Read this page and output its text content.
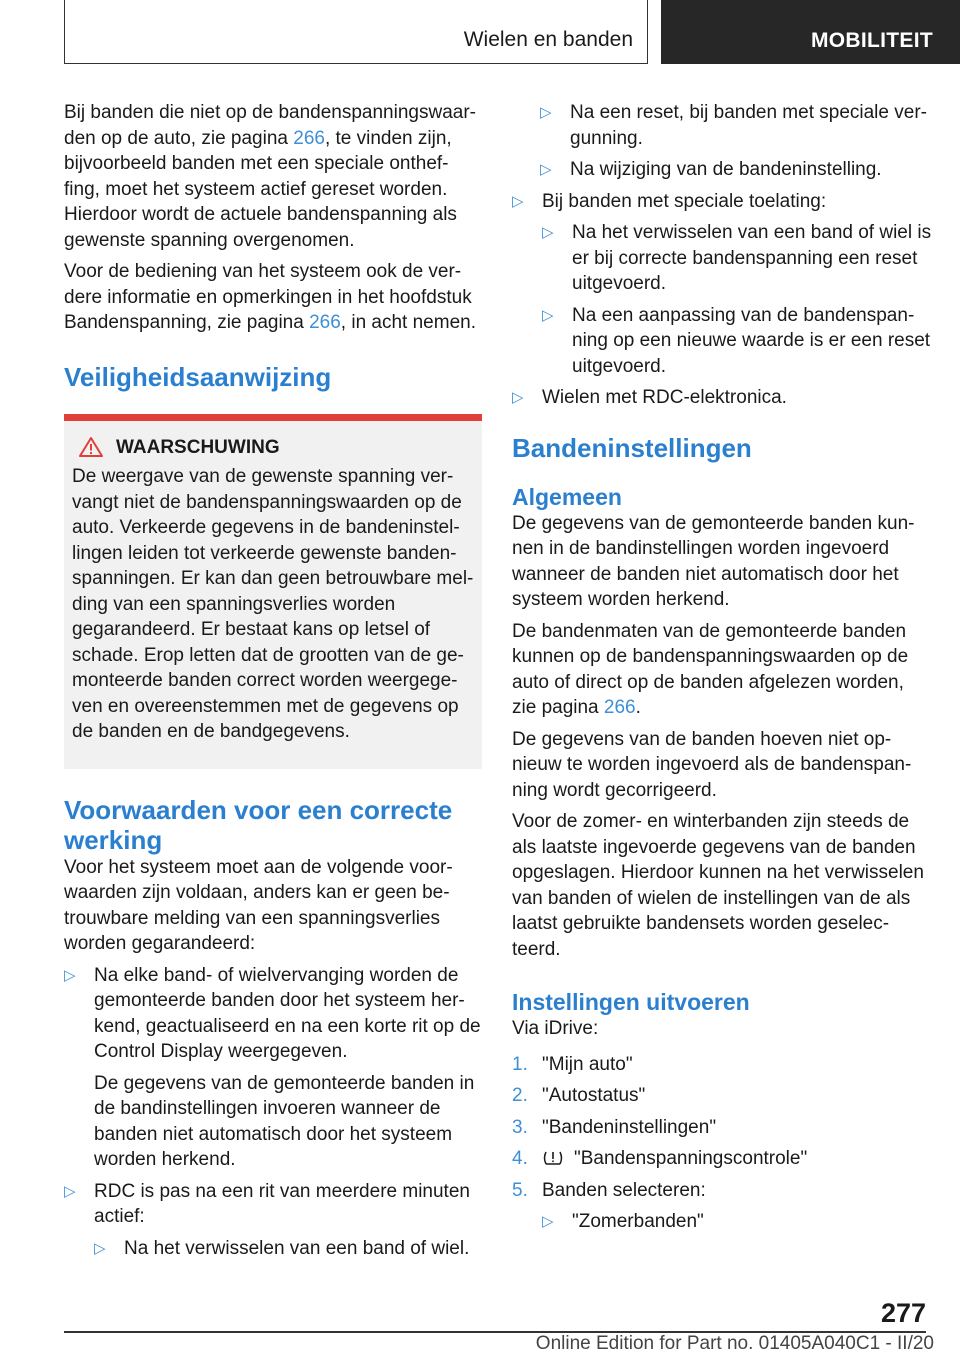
Wielen en banden	MOBILITEIT

Bij banden die niet op de bandenspanningswaar-den op de auto, zie pagina 266, te vinden zijn, bijvoorbeeld banden met een speciale onthef-fing, moet het systeem actief gereset worden. Hierdoor wordt de actuele bandenspanning als gewenste spanning overgenomen.

Voor de bediening van het systeem ook de ver-dere informatie en opmerkingen in het hoofdstuk Bandenspanning, zie pagina 266, in acht nemen.

Veiligheidsaanwijzing
WAARSCHUWING
De weergave van de gewenste spanning ver-vangt niet de bandenspanningswaarden op de auto. Verkeerde gegevens in de bandeninstel-lingen leiden tot verkeerde gewenste banden-spanningen. Er kan dan geen betrouwbare mel-ding van een spanningsverlies worden gegarandeerd. Er bestaat kans op letsel of schade. Erop letten dat de grootten van de ge-monteerde banden correct worden weergege-ven en overeenstemmen met de gegevens op de banden en de bandgegevens.
Voorwaarden voor een correcte werking

Voor het systeem moet aan de volgende voor-waarden zijn voldaan, anders kan er geen be-trouwbare melding van een spanningsverlies worden gegarandeerd:

▷ Na elke band- of wielvervanging worden de gemonteerde banden door het systeem her-kend, geactualiseerd en na een korte rit op de Control Display weergegeven.
De gegevens van de gemonteerde banden in de bandinstellingen invoeren wanneer de banden niet automatisch door het systeem worden herkend.
▷ RDC is pas na een rit van meerdere minuten actief:
▷ Na het verwisselen van een band of wiel.
▷ Na een reset, bij banden met speciale ver-gunning.
▷ Na wijziging van de bandeninstelling.
▷ Bij banden met speciale toelating:
▷ Na het verwisselen van een band of wiel is er bij correcte bandenspanning een reset uitgevoerd.
▷ Na een aanpassing van de bandenspan-ning op een nieuwe waarde is er een reset uitgevoerd.
▷ Wielen met RDC-elektronica.
Bandeninstellingen
Algemeen

De gegevens van de gemonteerde banden kun-nen in de bandinstellingen worden ingevoerd wanneer de banden niet automatisch door het systeem worden herkend.

De bandenmaten van de gemonteerde banden kunnen op de bandenspanningswaarden op de auto of direct op de banden afgelezen worden, zie pagina 266.

De gegevens van de banden hoeven niet op-nieuw te worden ingevoerd als de bandenspan-ning wordt gecorrigeerd.

Voor de zomer- en winterbanden zijn steeds de als laatste ingevoerde gegevens van de banden opgeslagen. Hierdoor kunnen na het verwisselen van banden of wielen de instellingen van de als laatst gebruikte bandensets worden geselec-teerd.

Instellingen uitvoeren

Via iDrive:

1. "Mijn auto"
2. "Autostatus"
3. "Bandeninstellingen"
4. "Bandenspanningscontrole"
5. Banden selecteren:
▷ "Zomerbanden"
277
Online Edition for Part no. 01405A040C1 - II/20
